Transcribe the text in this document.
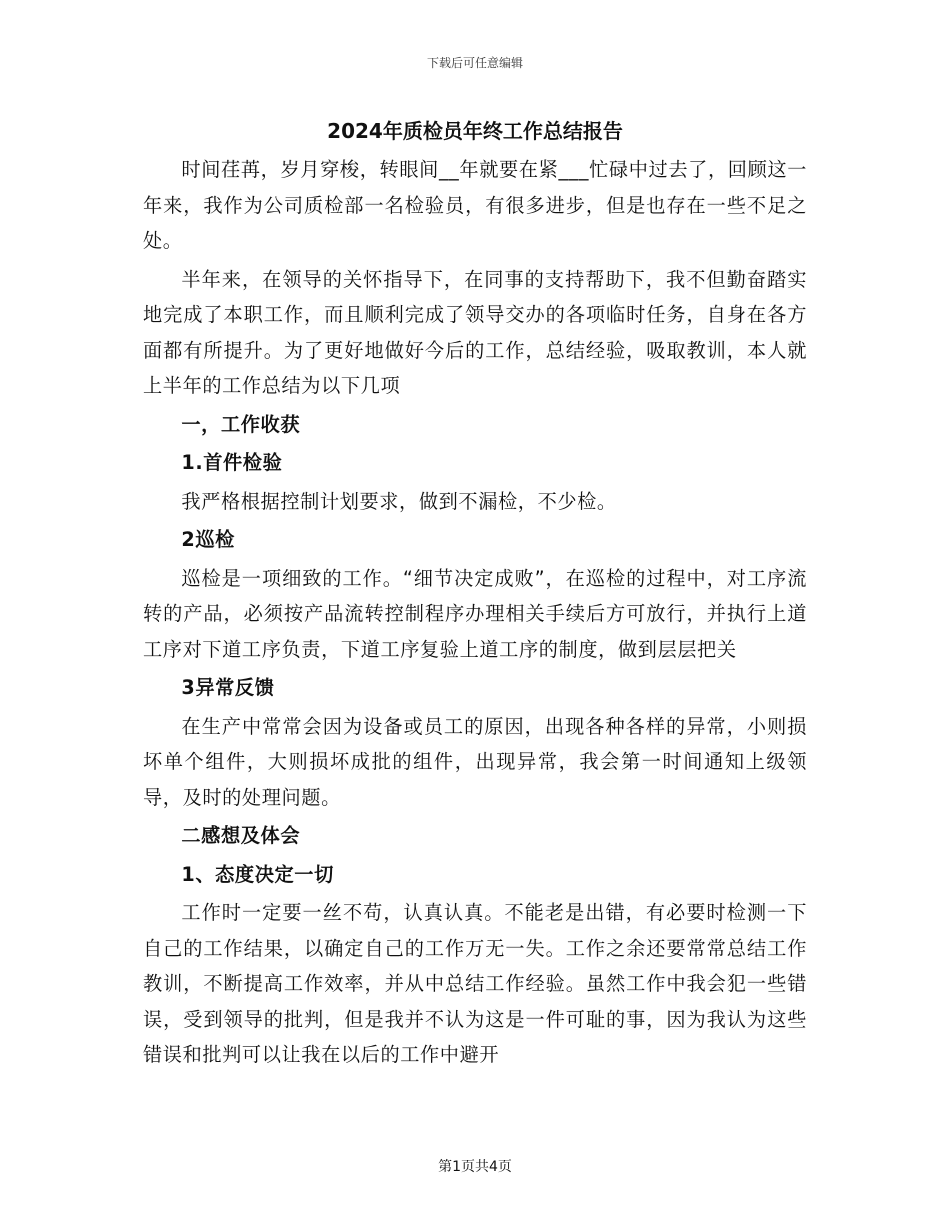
下载后可任意编辑
2024年质检员年终工作总结报告
时间荏苒，岁月穿梭，转眼间__年就要在紧___忙碌中过去了，回顾这一年来，我作为公司质检部一名检验员，有很多进步，但是也存在一些不足之处。
半年来，在领导的关怀指导下，在同事的支持帮助下，我不但勤奋踏实地完成了本职工作，而且顺利完成了领导交办的各项临时任务，自身在各方面都有所提升。为了更好地做好今后的工作，总结经验，吸取教训，本人就上半年的工作总结为以下几项
一，工作收获
1.首件检验
我严格根据控制计划要求，做到不漏检，不少检。
2巡检
巡检是一项细致的工作。“细节决定成败”，在巡检的过程中，对工序流转的产品，必须按产品流转控制程序办理相关手续后方可放行，并执行上道工序对下道工序负责，下道工序复验上道工序的制度，做到层层把关
3异常反馈
在生产中常常会因为设备或员工的原因，出现各种各样的异常，小则损坏单个组件，大则损坏成批的组件，出现异常，我会第一时间通知上级领导，及时的处理问题。
二感想及体会
1、态度决定一切
工作时一定要一丝不苟，认真认真。不能老是出错，有必要时检测一下自己的工作结果，以确定自己的工作万无一失。工作之余还要常常总结工作教训，不断提高工作效率，并从中总结工作经验。虽然工作中我会犯一些错误，受到领导的批判，但是我并不认为这是一件可耻的事，因为我认为这些错误和批判可以让我在以后的工作中避开
第1页共4页
